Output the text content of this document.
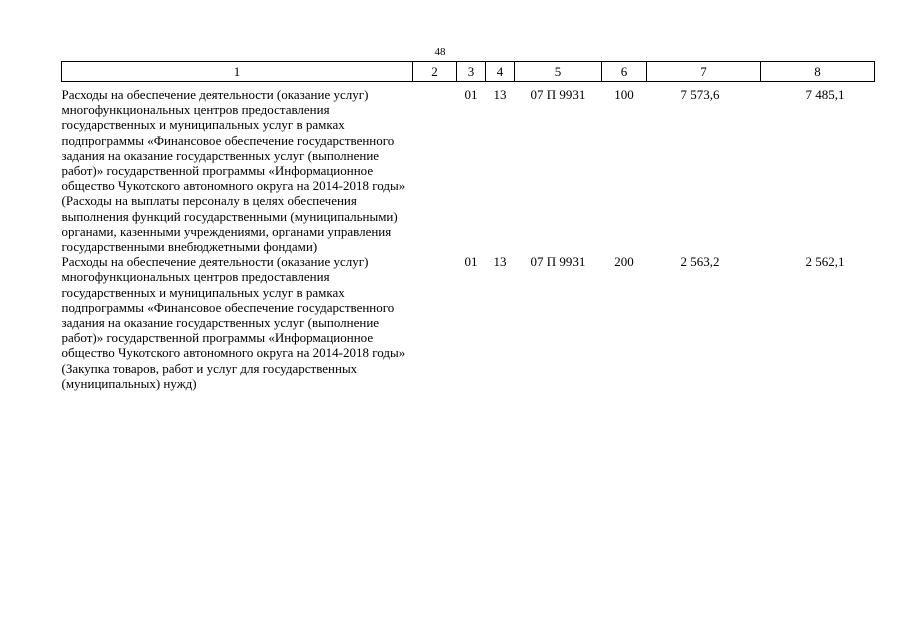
48
1	2	3	4	5	6	7	8
Расходы на обеспечение деятельности (оказание услуг) многофункциональных центров предоставления государственных и муниципальных услуг в рамках подпрограммы «Финансовое обеспечение государственного задания на оказание государственных услуг (выполнение работ)» государственной программы «Информационное общество Чукотского автономного округа на 2014-2018 годы» (Расходы на выплаты персоналу в целях обеспечения выполнения функций государственными (муниципальными) органами, казенными учреждениями, органами управления государственными внебюджетными фондами)		01	13	07 П 9931	100	7 573,6	7 485,1
Расходы на обеспечение деятельности (оказание услуг) многофункциональных центров предоставления государственных и муниципальных услуг в рамках подпрограммы «Финансовое обеспечение государственного задания на оказание государственных услуг (выполнение работ)» государственной программы «Информационное общество Чукотского автономного округа на 2014-2018 годы» (Закупка товаров, работ и услуг для государственных (муниципальных) нужд)		01	13	07 П 9931	200	2 563,2	2 562,1
